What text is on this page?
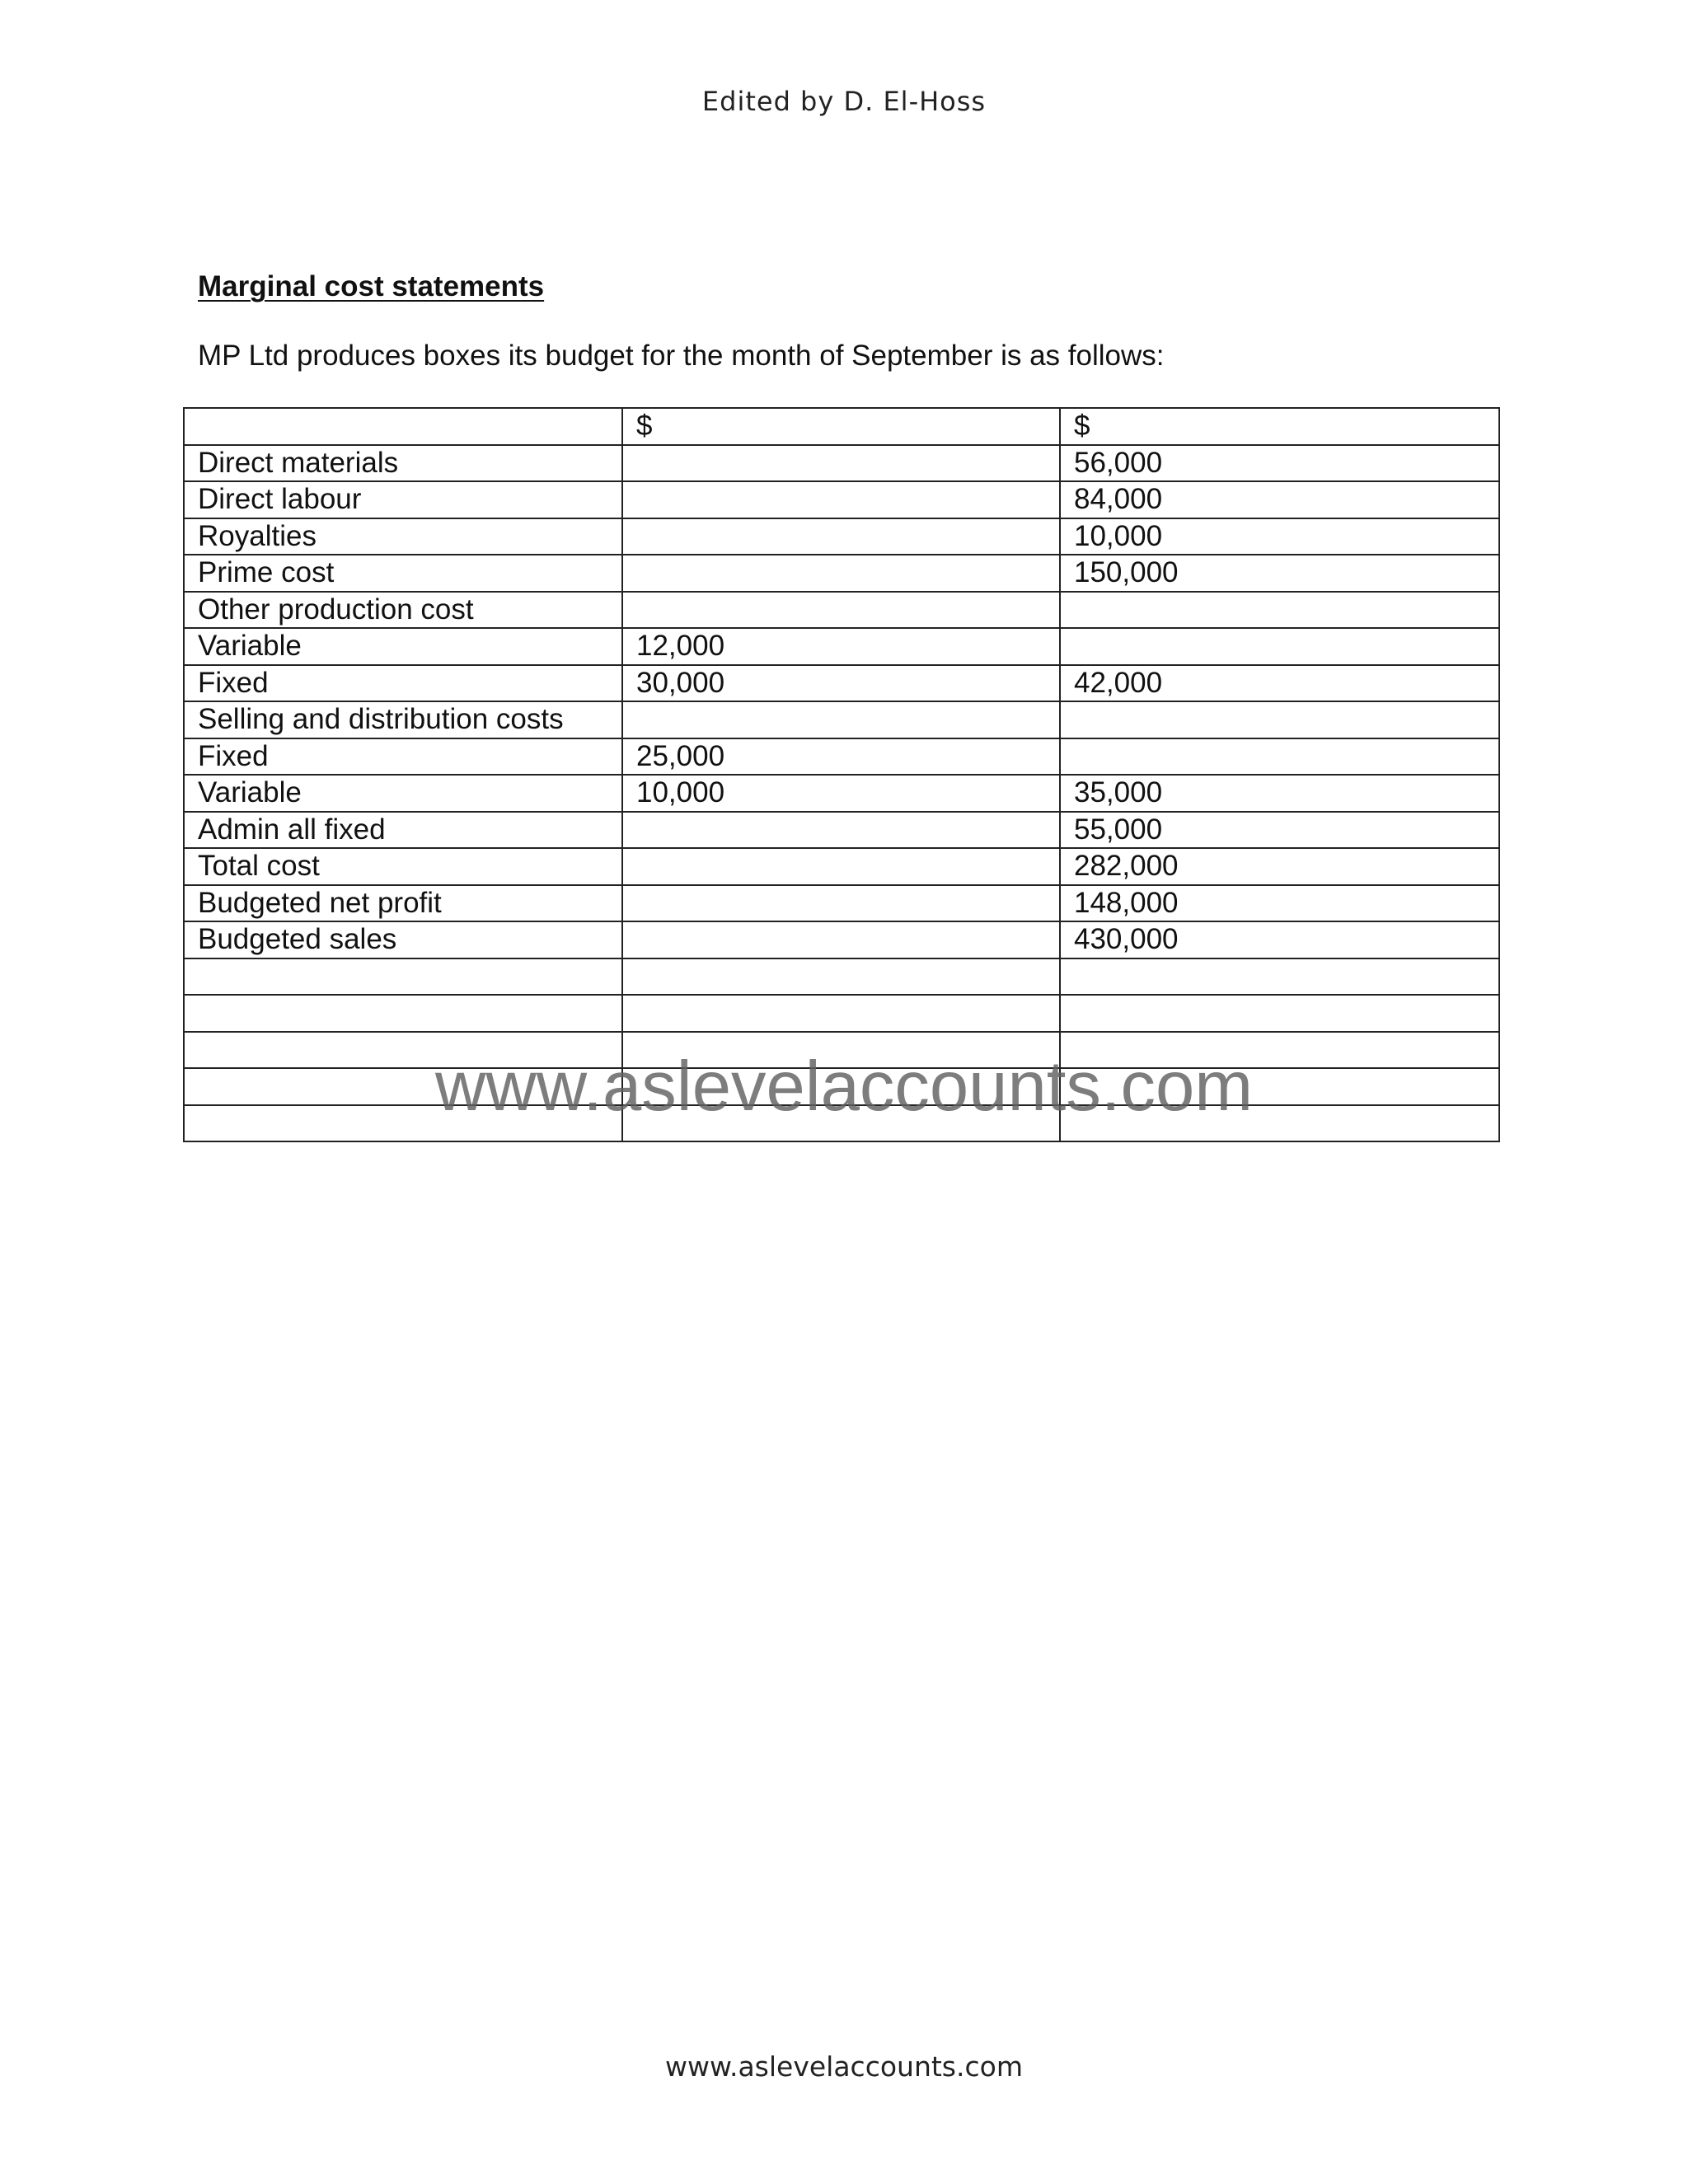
Edited by D. El-Hoss
Marginal cost statements
MP Ltd produces boxes its budget for the month of September is as follows:
	$	$
Direct materials		56,000
Direct labour		84,000
Royalties		10,000
Prime cost		150,000
Other production cost		
Variable	12,000	
Fixed	30,000	42,000
Selling and distribution costs		
Fixed	25,000	
Variable	10,000	35,000
Admin all fixed		55,000
Total cost		282,000
Budgeted net profit		148,000
Budgeted sales		430,000

www.aslevelaccounts.com
www.aslevelaccounts.com
